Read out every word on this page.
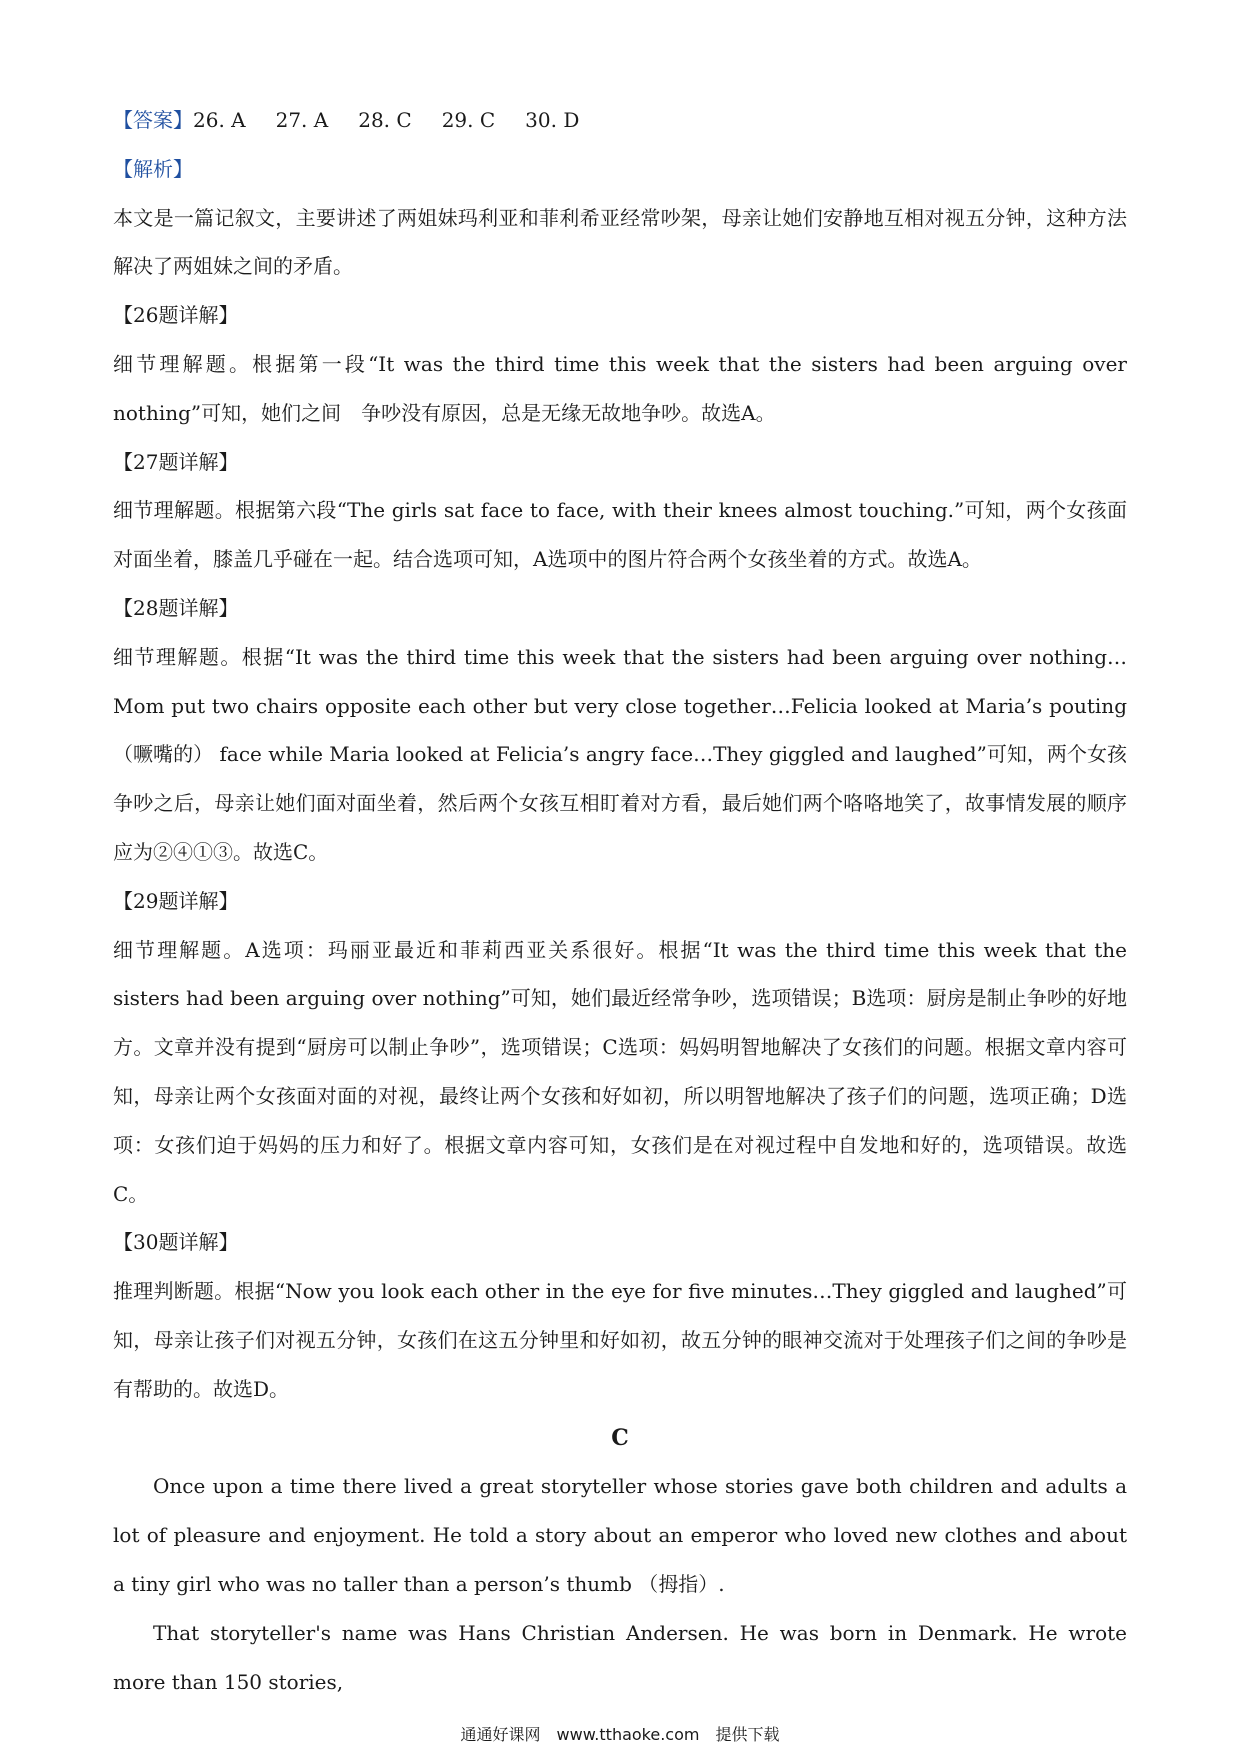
【答案】26. A 27. A 28. C 29. C 30. D
【解析】
本文是一篇记叙文，主要讲述了两姐妹玛利亚和菲利希亚经常吵架，母亲让她们安静地互相对视五分钟，这种方法解决了两姐妹之间的矛盾。
【26题详解】
细节理解题。根据第一段“It was the third time this week that the sisters had been arguing over nothing”可知，她们之间　争吵没有原因，总是无缘无故地争吵。故选A。
【27题详解】
细节理解题。根据第六段“The girls sat face to face, with their knees almost touching.”可知，两个女孩面对面坐着，膝盖几乎碰在一起。结合选项可知，A选项中的图片符合两个女孩坐着的方式。故选A。
【28题详解】
细节理解题。根据“It was the third time this week that the sisters had been arguing over nothing…Mom put two chairs opposite each other but very close together…Felicia looked at Maria’s pouting （噘嘴的） face while Maria looked at Felicia’s angry face…They giggled and laughed”可知，两个女孩争吵之后，母亲让她们面对面坐着，然后两个女孩互相盯着对方看，最后她们两个咯咯地笑了，故事情发展的顺序应为②④①③。故选C。
【29题详解】
细节理解题。A选项：玛丽亚最近和菲莉西亚关系很好。根据“It was the third time this week that the sisters had been arguing over nothing”可知，她们最近经常争吵，选项错误；B选项：厨房是制止争吵的好地方。文章并没有提到“厨房可以制止争吵”，选项错误；C选项：妈妈明智地解决了女孩们的问题。根据文章内容可知，母亲让两个女孩面对面的对视，最终让两个女孩和好如初，所以明智地解决了孩子们的问题，选项正确；D选项：女孩们迫于妈妈的压力和好了。根据文章内容可知，女孩们是在对视过程中自发地和好的，选项错误。故选C。
【30题详解】
推理判断题。根据“Now you look each other in the eye for five minutes…They giggled and laughed”可知，母亲让孩子们对视五分钟，女孩们在这五分钟里和好如初，故五分钟的眼神交流对于处理孩子们之间的争吵是有帮助的。故选D。
C
Once upon a time there lived a great storyteller whose stories gave both children and adults a lot of pleasure and enjoyment. He told a story about an emperor who loved new clothes and about a tiny girl who was no taller than a person’s thumb （拇指）.
That storyteller's name was Hans Christian Andersen. He was born in Denmark. He wrote more than 150 stories,
通通好课网　www.tthaoke.com　提供下载
